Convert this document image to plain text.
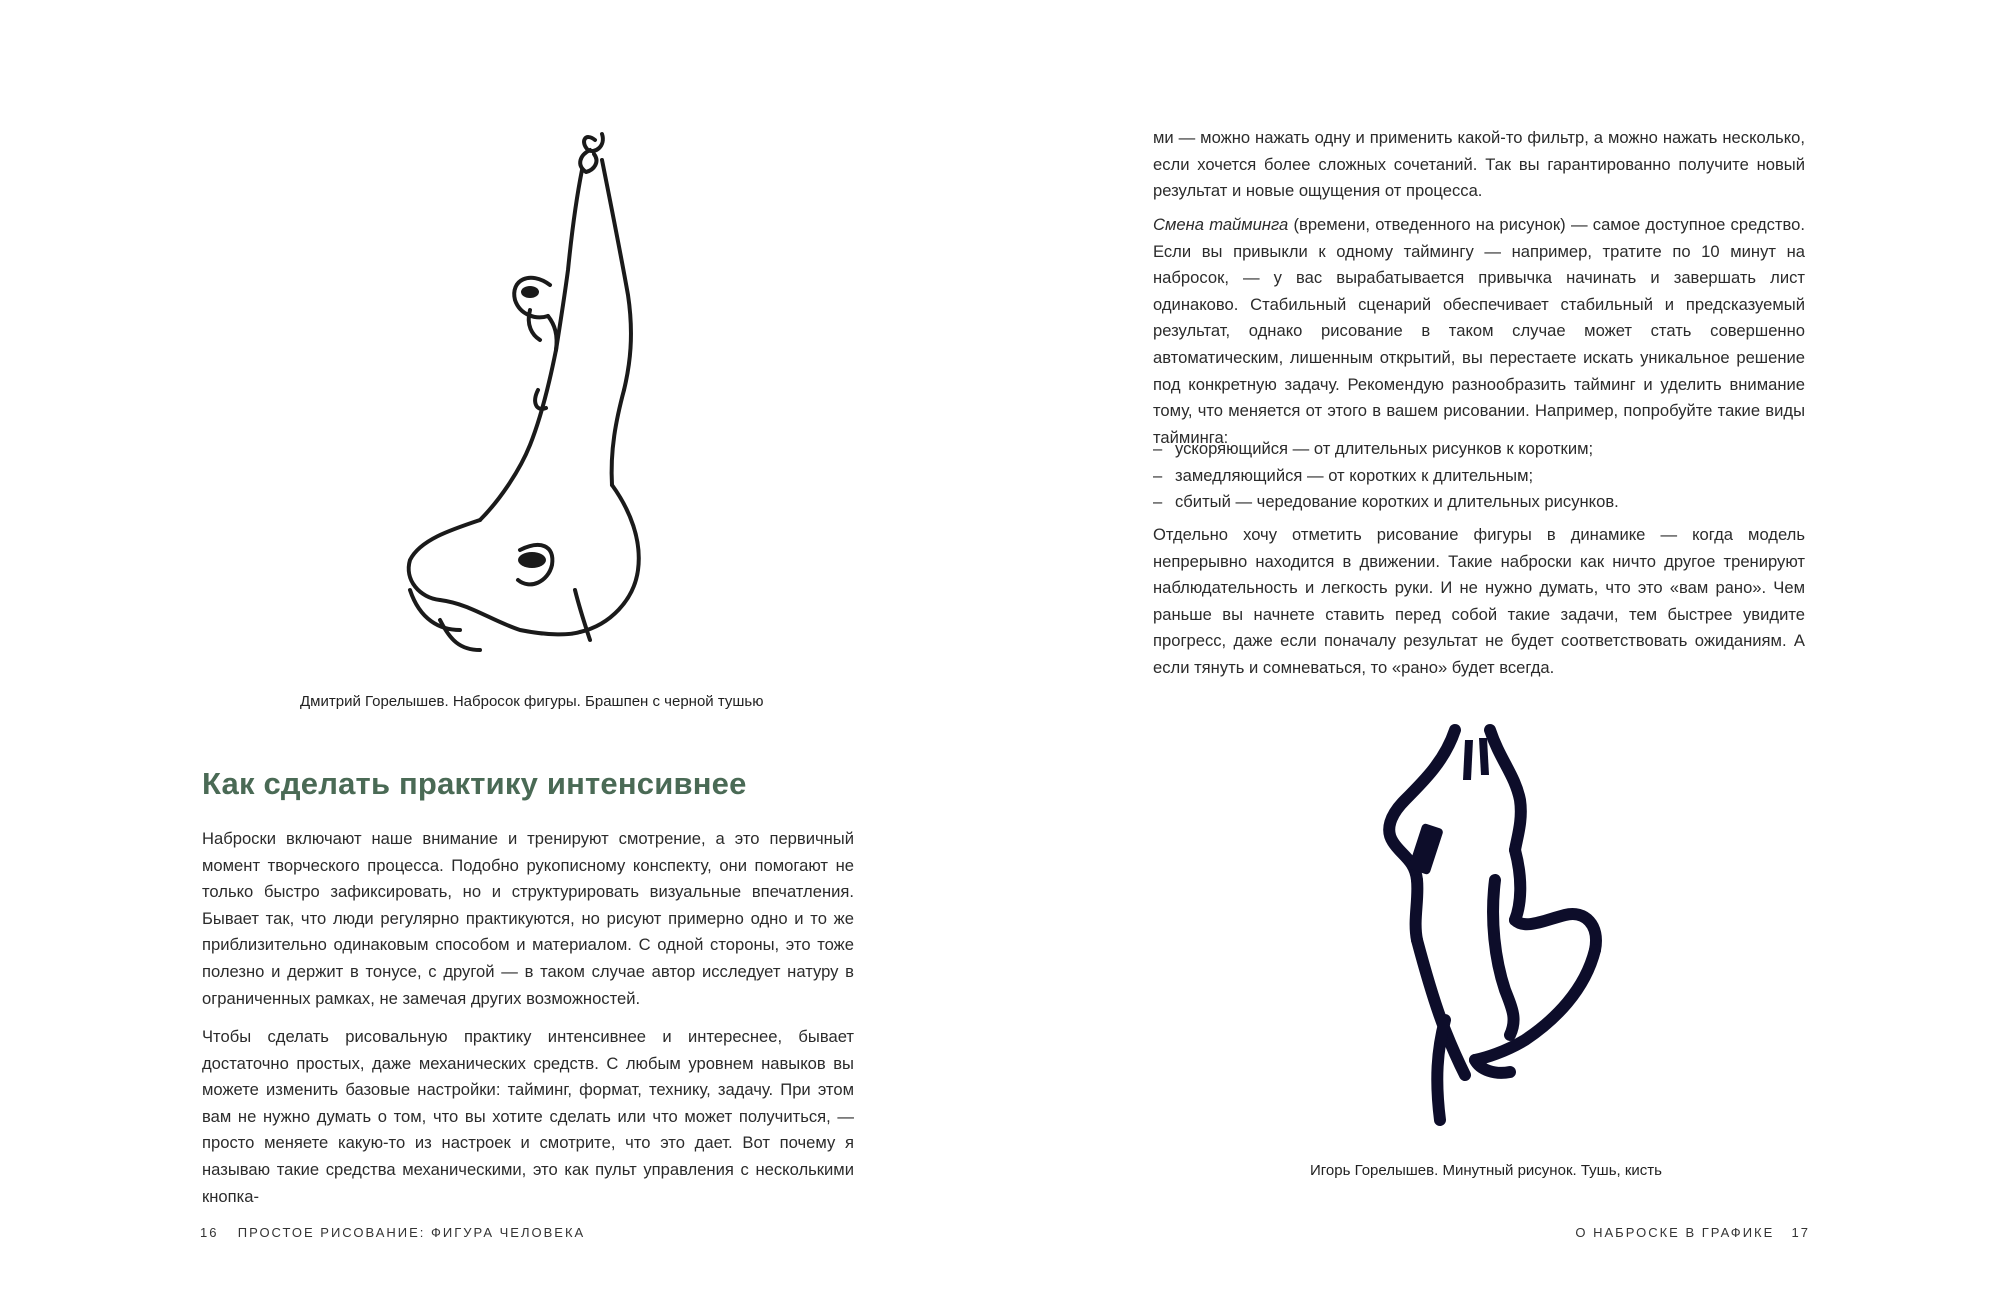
Дмитрий Горелышев. Набросок фигуры. Брашпен с черной тушью
Как сделать практику интенсивнее

Наброски включают наше внимание и тренируют смотрение, а это первичный момент творческого процесса. Подобно рукописному конспекту, они помогают не только быстро зафиксировать, но и структурировать визуальные впечатления. Бывает так, что люди регулярно практикуются, но рисуют примерно одно и то же приблизительно одинаковым способом и материалом. С одной стороны, это тоже полезно и держит в тонусе, с другой — в таком случае автор исследует натуру в ограниченных рамках, не замечая других возможностей.

Чтобы сделать рисовальную практику интенсивнее и интереснее, бывает достаточно простых, даже механических средств. С любым уровнем навыков вы можете изменить базовые настройки: тайминг, формат, технику, задачу. При этом вам не нужно думать о том, что вы хотите сделать или что может получиться, — просто меняете какую-то из настроек и смотрите, что это дает. Вот почему я называю такие средства механическими, это как пульт управления с несколькими кнопка-

16 ПРОСТОЕ РИСОВАНИЕ: ФИГУРА ЧЕЛОВЕКА

ми — можно нажать одну и применить какой-то фильтр, а можно нажать несколько, если хочется более сложных сочетаний. Так вы гарантированно получите новый результат и новые ощущения от процесса.

Смена тайминга (времени, отведенного на рисунок) — самое доступное средство. Если вы привыкли к одному таймингу — например, тратите по 10 минут на набросок, — у вас вырабатывается привычка начинать и завершать лист одинаково. Стабильный сценарий обеспечивает стабильный и предсказуемый результат, однако рисование в таком случае может стать совершенно автоматическим, лишенным открытий, вы перестаете искать уникальное решение под конкретную задачу. Рекомендую разнообразить тайминг и уделить внимание тому, что меняется от этого в вашем рисовании. Например, попробуйте такие виды тайминга:

– ускоряющийся — от длительных рисунков к коротким;
– замедляющийся — от коротких к длительным;
– сбитый — чередование коротких и длительных рисунков.

Отдельно хочу отметить рисование фигуры в динамике — когда модель непрерывно находится в движении. Такие наброски как ничто другое тренируют наблюдательность и легкость руки. И не нужно думать, что это «вам рано». Чем раньше вы начнете ставить перед собой такие задачи, тем быстрее увидите прогресс, даже если поначалу результат не будет соответствовать ожиданиям. А если тянуть и сомневаться, то «рано» будет всегда.

Игорь Горелышев. Минутный рисунок. Тушь, кисть
О НАБРОСКЕ В ГРАФИКЕ 17
